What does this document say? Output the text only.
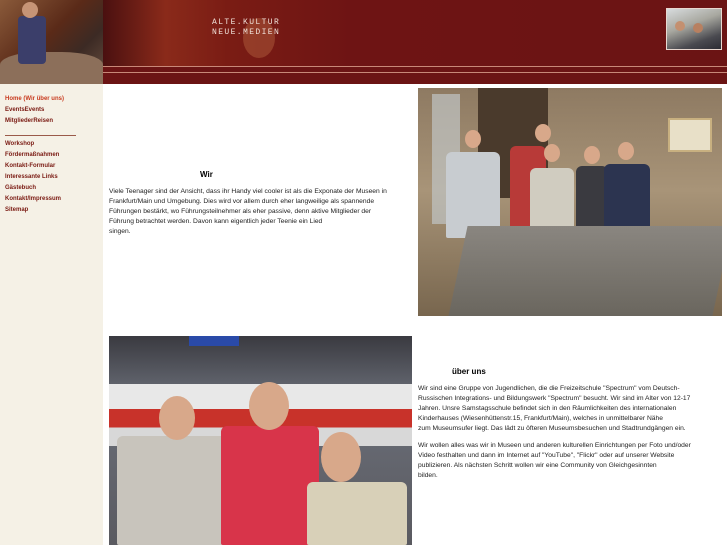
ALTE.KULTUR
NEUE.MEDIEN
Home (Wir über uns)
EventsEvents
MitgliederReisen
Workshop
Fördermaßnahmen
Kontakt-Formular
Interessante Links
Gästebuch
Kontakt/Impressum
Sitemap
Wir
Viele Teenager sind der Ansicht, dass ihr Handy viel cooler ist als die Exponate der Museen in
Frankfurt/Main und Umgebung. Dies wird vor allem durch eher langweilige als spannende
Führungen bestärkt, wo Führungsteilnehmer als eher passive, denn aktive Mitglieder der
Führung betrachtet werden. Davon kann eigentlich jeder Teenie ein Lied
singen.
über uns
Wir sind eine Gruppe von Jugendlichen, die die Freizeitschule "Spectrum" vom Deutsch-
Russischen Integrations- und Bildungswerk "Spectrum" besucht. Wir sind im Alter von 12-17
Jahren. Unsre Samstagsschule befindet sich in den Räumlichkeiten des internationalen
Kinderhauses (Wiesenhüttenstr.15, Frankfurt/Main), welches in unmittelbarer Nähe
zum Museumsufer liegt. Das lädt zu öfteren Museumsbesuchen und Stadtrundgängen ein.
Wir wollen alles was wir in Museen und anderen kulturellen Einrichtungen per Foto und/oder
Video festhalten und dann im Internet auf "YouTube", "Flickr" oder auf unserer Website
publizieren. Als nächsten Schritt wollen wir eine Community von Gleichgesinnten
bilden.
